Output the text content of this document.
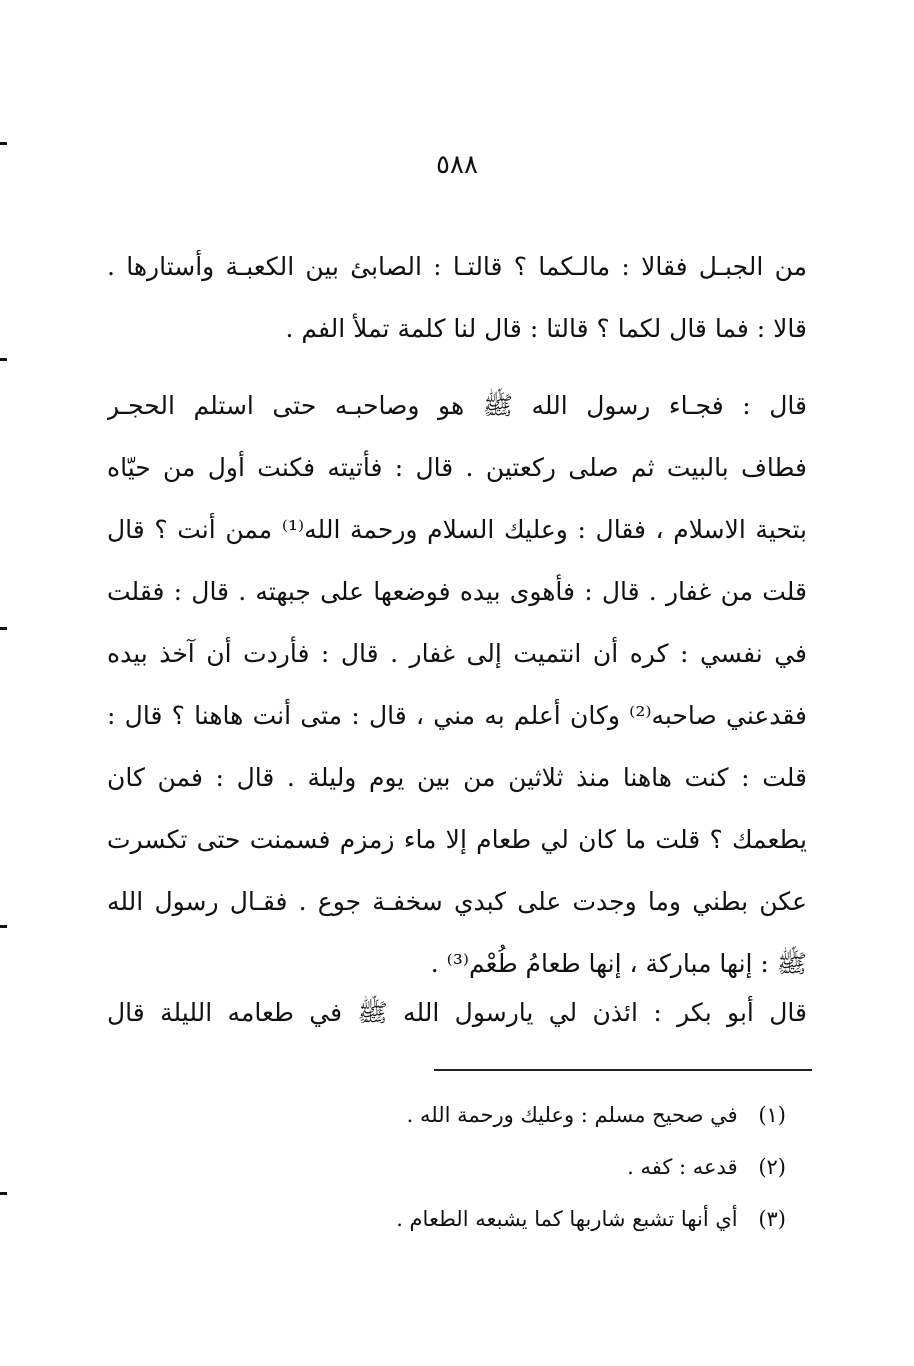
٥٨٨
من الجبـل فقالا : مالـكما ؟ قالتـا : الصابئ بين الكعبـة وأستارها .
قالا : فما قال لكما ؟ قالتا : قال لنا كلمة تملأ الفم .
قال : فجـاء رسول الله ﷺ هو وصاحبـه حتى استلم الحجـر
فطاف بالبيت ثم صلى ركعتين . قال : فأتيته فكنت أول من حيّاه
بتحية الاسلام ، فقال : وعليك السلام ورحمة الله⁽¹⁾ ممن أنت ؟ قال
قلت من غفار . قال : فأهوى بيده فوضعها على جبهته . قال : فقلت
في نفسي : كره أن انتميت إلى غفار . قال : فأردت أن آخذ بيده
فقدعني صاحبه⁽²⁾ وكان أعلم به مني ، قال : متى أنت هاهنا ؟ قال :
قلت : كنت هاهنا منذ ثلاثين من بين يوم وليلة . قال : فمن كان
يطعمك ؟ قلت ما كان لي طعام إلا ماء زمزم فسمنت حتى تكسرت
عكن بطني وما وجدت على كبدي سخفـة جوع . فقـال رسول الله
ﷺ : إنها مباركة ، إنها طعامُ طُعْم⁽³⁾ .
قال أبو بكر : ائذن لي يارسول الله ﷺ في طعامه الليلة قال
(١) في صحيح مسلم : وعليك ورحمة الله .
(٢) قدعه : كفه .
(٣) أي أنها تشبع شاربها كما يشبعه الطعام .
